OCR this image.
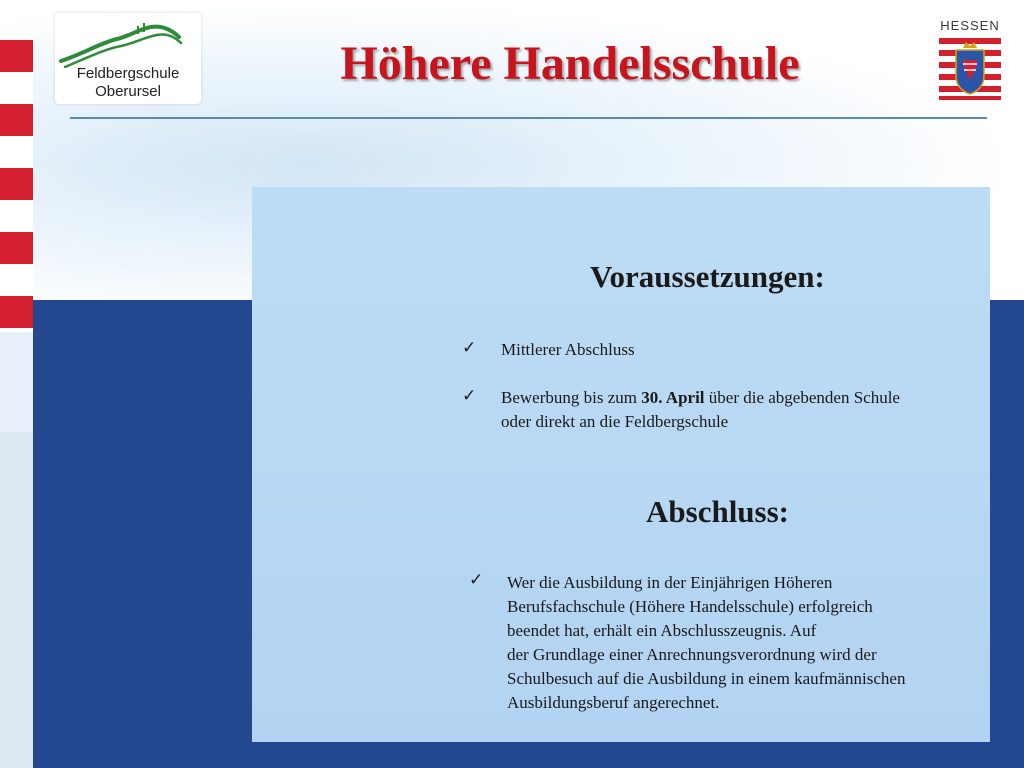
Feldbergschule
Oberursel
Höhere Handelsschule
HESSEN
Voraussetzungen:
✓ Mittlerer Abschluss
✓ Bewerbung bis zum 30. April über die abgebenden Schule
oder direkt an die Feldbergschule
Abschluss:
✓ Wer die Ausbildung in der Einjährigen Höheren
Berufsfachschule (Höhere Handelsschule) erfolgreich
beendet hat, erhält ein Abschlusszeugnis. Auf
der Grundlage einer Anrechnungsverordnung wird der
Schulbesuch auf die Ausbildung in einem kaufmännischen
Ausbildungsberuf angerechnet.
